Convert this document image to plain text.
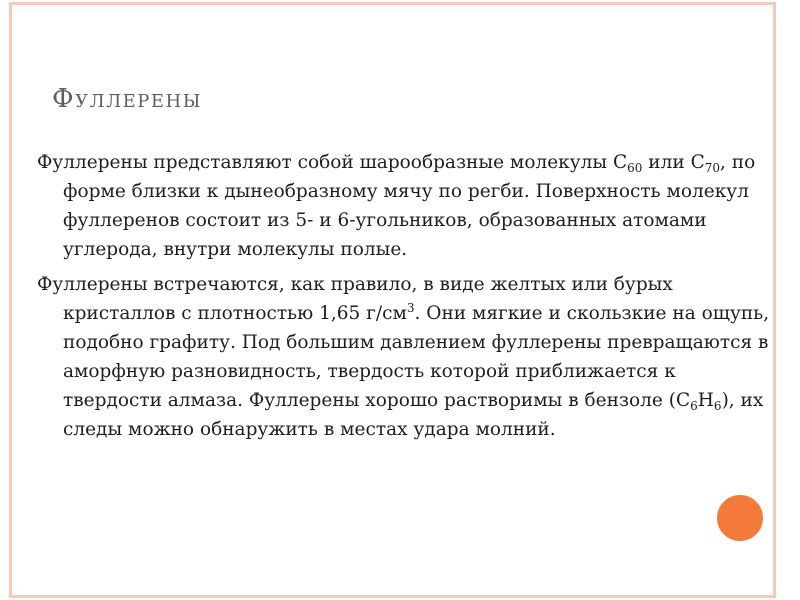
Фуллерены

Фуллерены представляют собой шарообразные молекулы $С_{60}$ или $С_{70}$, по форме близки к дынеобразному мячу по регби. Поверхность молекул фуллеренов состоит из 5- и 6-угольников, образованных атомами углерода, внутри молекулы полые.

Фуллерены встречаются, как правило, в виде желтых или бурых кристаллов с плотностью 1,65 $г/см^3$. Они мягкие и скользкие на ощупь, подобно графиту. Под большим давлением фуллерены превращаются в аморфную разновидность, твердость которой приближается к твердости алмаза. Фуллерены хорошо растворимы в бензоле $(С_6Н_6)$, их следы можно обнаружить в местах удара молний.
